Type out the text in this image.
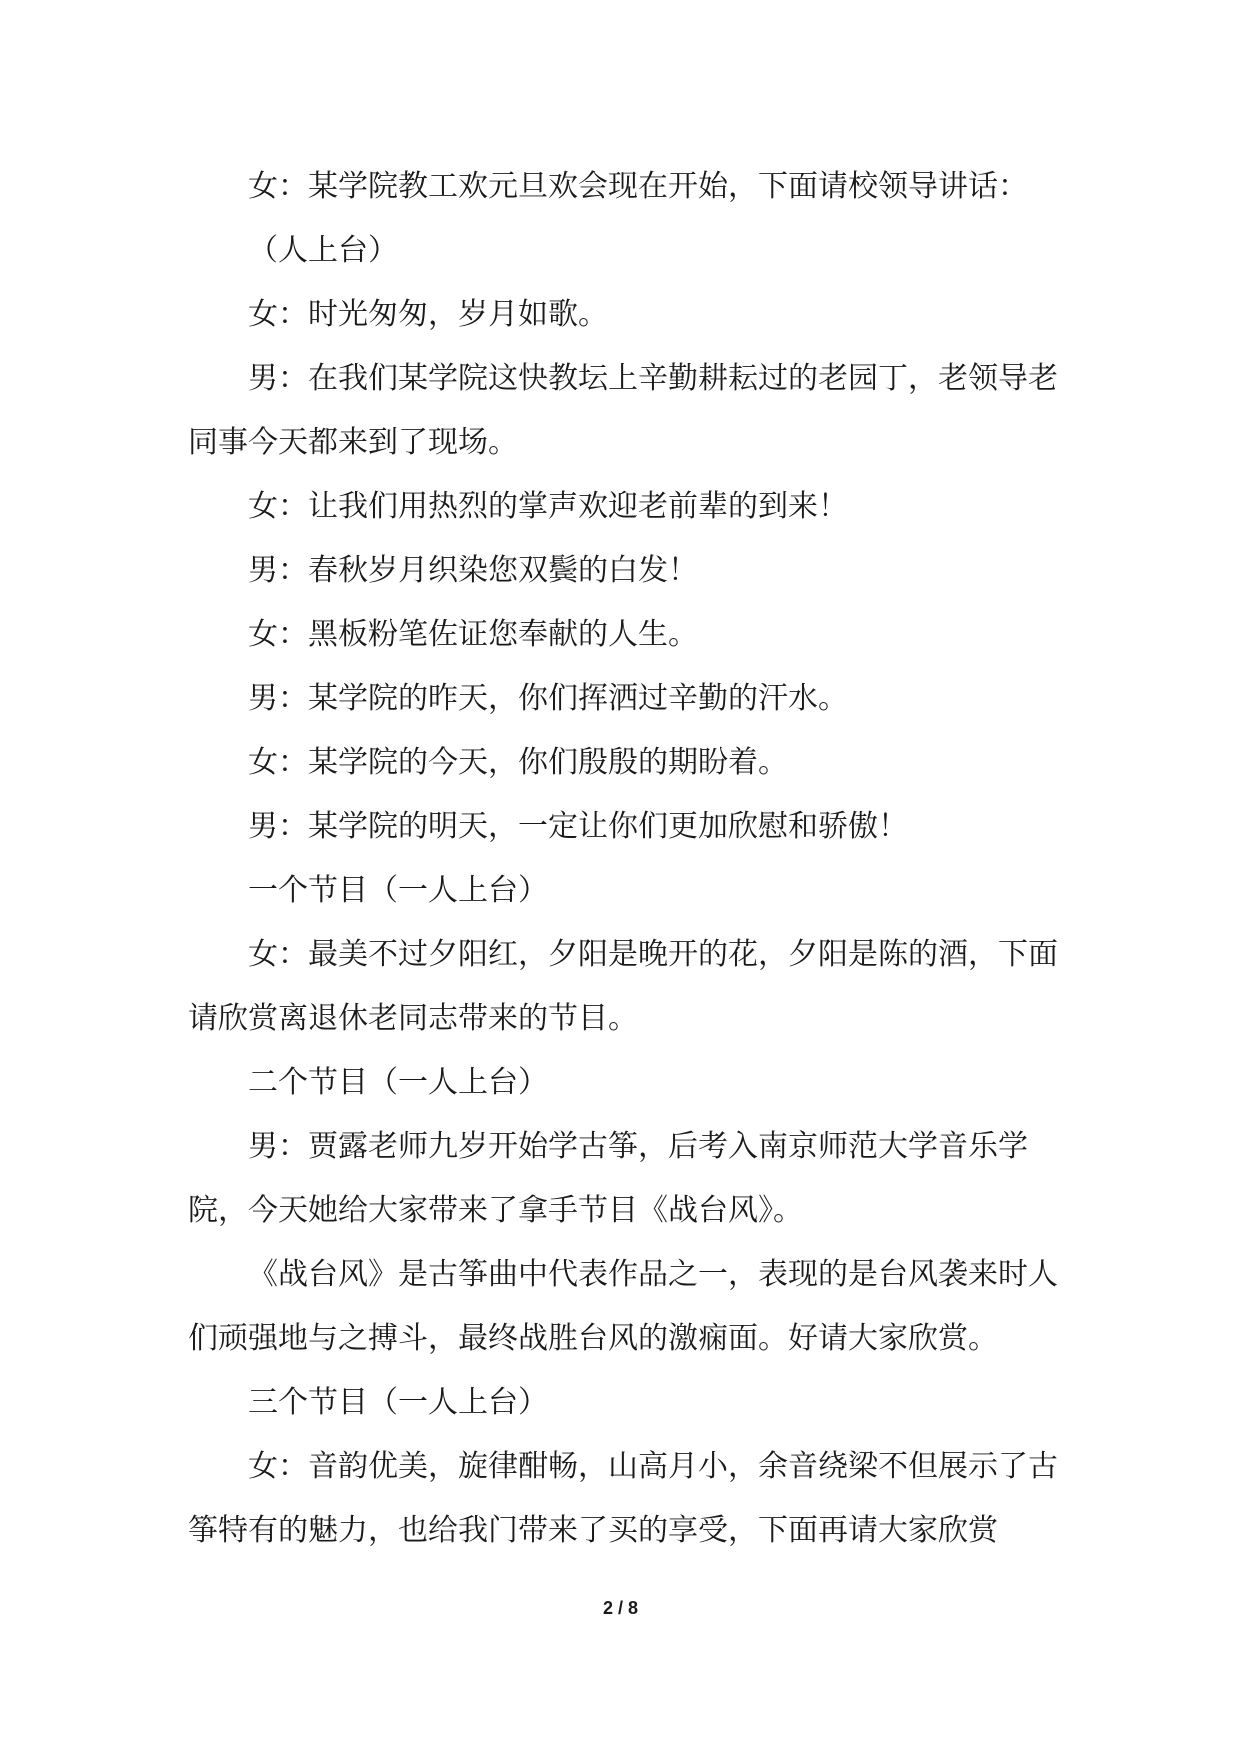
女：某学院教工欢元旦欢会现在开始，下面请校领导讲话：

（人上台）

女：时光匆匆，岁月如歌。

男：在我们某学院这快教坛上辛勤耕耘过的老园丁，老领导老同事今天都来到了现场。

女：让我们用热烈的掌声欢迎老前辈的到来！

男：春秋岁月织染您双鬓的白发！

女：黑板粉笔佐证您奉献的人生。

男：某学院的昨天，你们挥洒过辛勤的汗水。

女：某学院的今天，你们殷殷的期盼着。

男：某学院的明天，一定让你们更加欣慰和骄傲！

一个节目（一人上台）

女：最美不过夕阳红，夕阳是晚开的花，夕阳是陈的酒，下面请欣赏离退休老同志带来的节目。

二个节目（一人上台）

男：贾露老师九岁开始学古筝，后考入南京师范大学音乐学院，今天她给大家带来了拿手节目《战台风》。

《战台风》是古筝曲中代表作品之一，表现的是台风袭来时人们顽强地与之搏斗，最终战胜台风的激痫面。好请大家欣赏。

三个节目（一人上台）

女：音韵优美，旋律酣畅，山高月小，余音绕梁不但展示了古筝特有的魅力，也给我门带来了买的享受，下面再请大家欣赏

2 / 8
